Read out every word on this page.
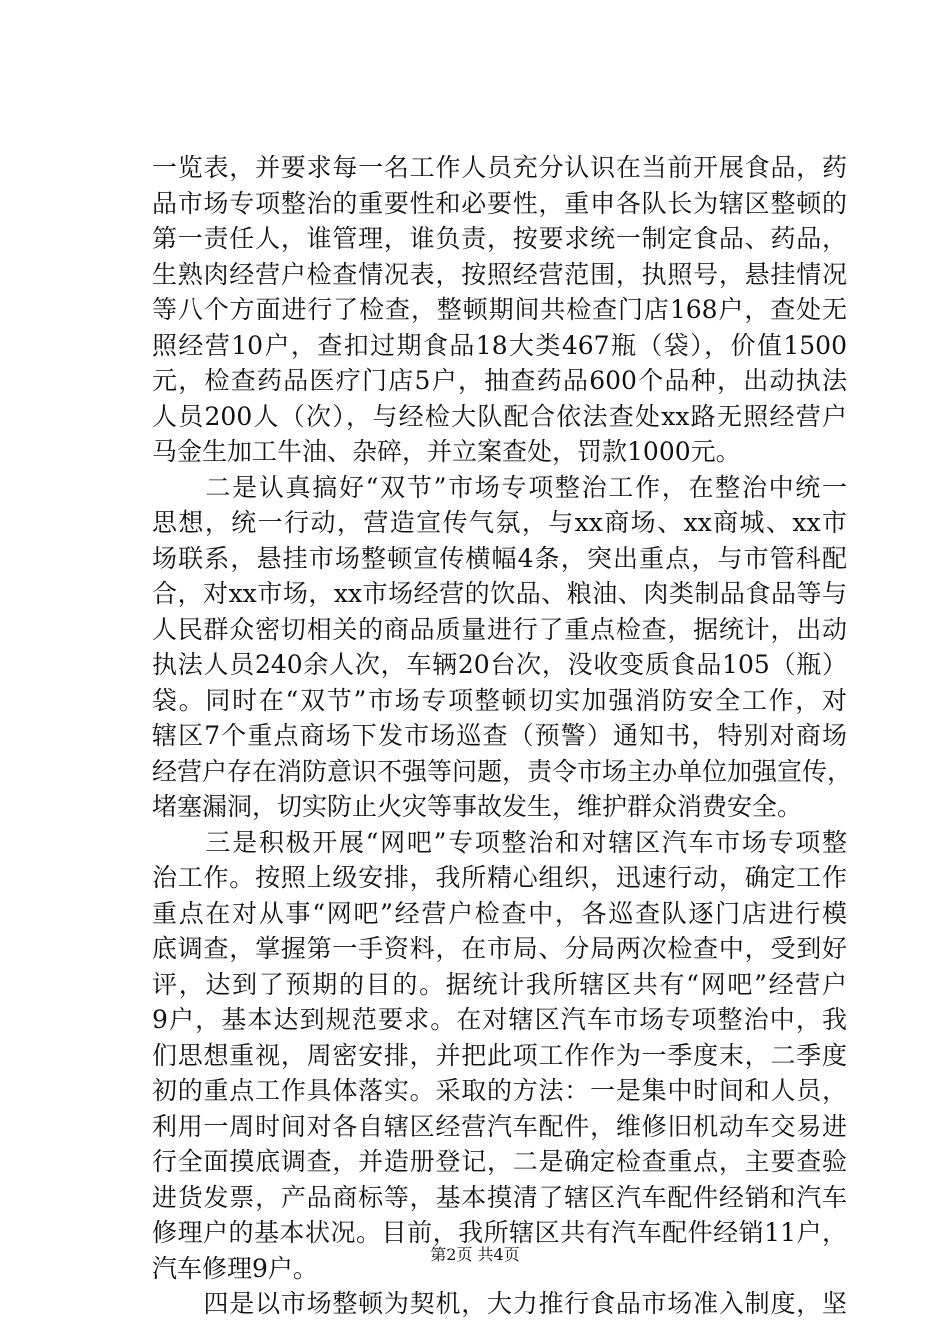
一览表，并要求每一名工作人员充分认识在当前开展食品，药
品市场专项整治的重要性和必要性，重申各队长为辖区整顿的
第一责任人，谁管理，谁负责，按要求统一制定食品、药品，
生熟肉经营户检查情况表，按照经营范围，执照号，悬挂情况
等八个方面进行了检查，整顿期间共检查门店168户，查处无
照经营10户，查扣过期食品18大类467瓶（袋），价值1500
元，检查药品医疗门店5户，抽查药品600个品种，出动执法
人员200人（次），与经检大队配合依法查处xx路无照经营户
马金生加工牛油、杂碎，并立案查处，罚款1000元。
　　二是认真搞好“双节”市场专项整治工作，在整治中统一
思想，统一行动，营造宣传气氛，与xx商场、xx商城、xx市
场联系，悬挂市场整顿宣传横幅4条，突出重点，与市管科配
合，对xx市场，xx市场经营的饮品、粮油、肉类制品食品等与
人民群众密切相关的商品质量进行了重点检查，据统计，出动
执法人员240余人次，车辆20台次，没收变质食品105（瓶）
袋。同时在“双节”市场专项整顿切实加强消防安全工作，对
辖区7个重点商场下发市场巡查（预警）通知书，特别对商场
经营户存在消防意识不强等问题，责令市场主办单位加强宣传，
堵塞漏洞，切实防止火灾等事故发生，维护群众消费安全。
　　三是积极开展“网吧”专项整治和对辖区汽车市场专项整
治工作。按照上级安排，我所精心组织，迅速行动，确定工作
重点在对从事“网吧”经营户检查中，各巡查队逐门店进行模
底调查，掌握第一手资料，在市局、分局两次检查中，受到好
评，达到了预期的目的。据统计我所辖区共有“网吧”经营户
9户，基本达到规范要求。在对辖区汽车市场专项整治中，我
们思想重视，周密安排，并把此项工作作为一季度末，二季度
初的重点工作具体落实。采取的方法：一是集中时间和人员，
利用一周时间对各自辖区经营汽车配件，维修旧机动车交易进
行全面摸底调查，并造册登记，二是确定检查重点，主要查验
进货发票，产品商标等，基本摸清了辖区汽车配件经销和汽车
修理户的基本状况。目前，我所辖区共有汽车配件经销11户，
汽车修理9户。
　　四是以市场整顿为契机，大力推行食品市场准入制度，坚
第2页 共4页
